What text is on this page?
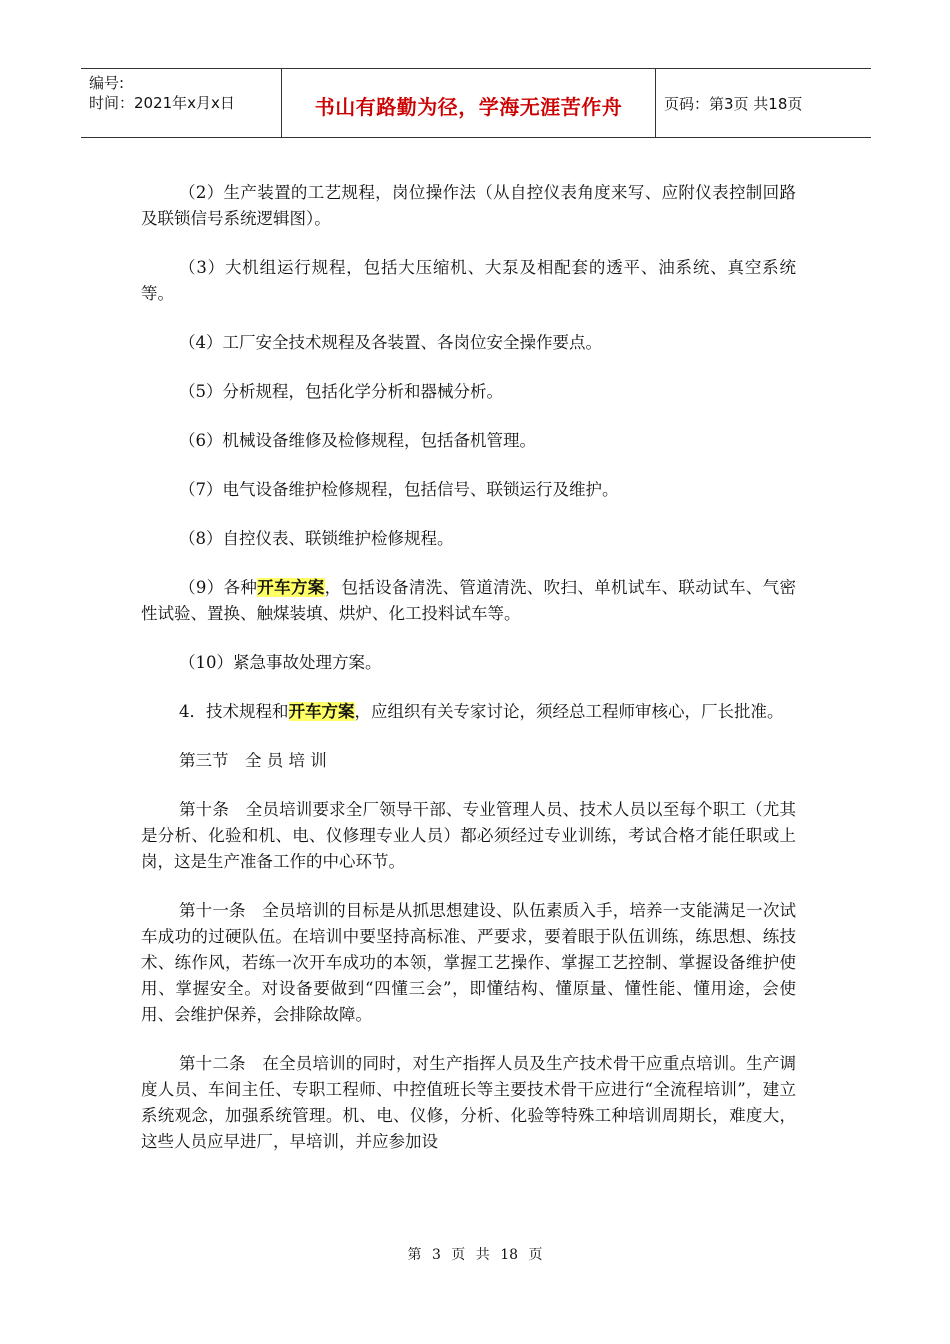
编号:
时间：2021年x月x日	书山有路勤为径，学海无涯苦作舟	页码：第3页 共18页

（2）生产装置的工艺规程，岗位操作法（从自控仪表角度来写、应附仪表控制回路及联锁信号系统逻辑图）。

（3）大机组运行规程，包括大压缩机、大泵及相配套的透平、油系统、真空系统等。

（4）工厂安全技术规程及各装置、各岗位安全操作要点。

（5）分析规程，包括化学分析和器械分析。

（6）机械设备维修及检修规程，包括备机管理。

（7）电气设备维护检修规程，包括信号、联锁运行及维护。

（8）自控仪表、联锁维护检修规程。

（9）各种开车方案，包括设备清洗、管道清洗、吹扫、单机试车、联动试车、气密性试验、置换、触煤装填、烘炉、化工投料试车等。

（10）紧急事故处理方案。

4．技术规程和开车方案，应组织有关专家讨论，须经总工程师审核心，厂长批准。

第三节　全 员 培 训

第十条　全员培训要求全厂领导干部、专业管理人员、技术人员以至每个职工（尤其是分析、化验和机、电、仪修理专业人员）都必须经过专业训练，考试合格才能任职或上岗，这是生产准备工作的中心环节。

第十一条　全员培训的目标是从抓思想建设、队伍素质入手，培养一支能满足一次试车成功的过硬队伍。在培训中要坚持高标准、严要求，要着眼于队伍训练，练思想、练技术、练作风，若练一次开车成功的本领，掌握工艺操作、掌握工艺控制、掌握设备维护使用、掌握安全。对设备要做到“四懂三会”，即懂结构、懂原量、懂性能、懂用途，会使用、会维护保养，会排除故障。

第十二条　在全员培训的同时，对生产指挥人员及生产技术骨干应重点培训。生产调度人员、车间主任、专职工程师、中控值班长等主要技术骨干应进行“全流程培训”，建立系统观念，加强系统管理。机、电、仪修，分析、化验等特殊工种培训周期长，难度大，这些人员应早进厂，早培训，并应参加设

第 3 页 共 18 页
